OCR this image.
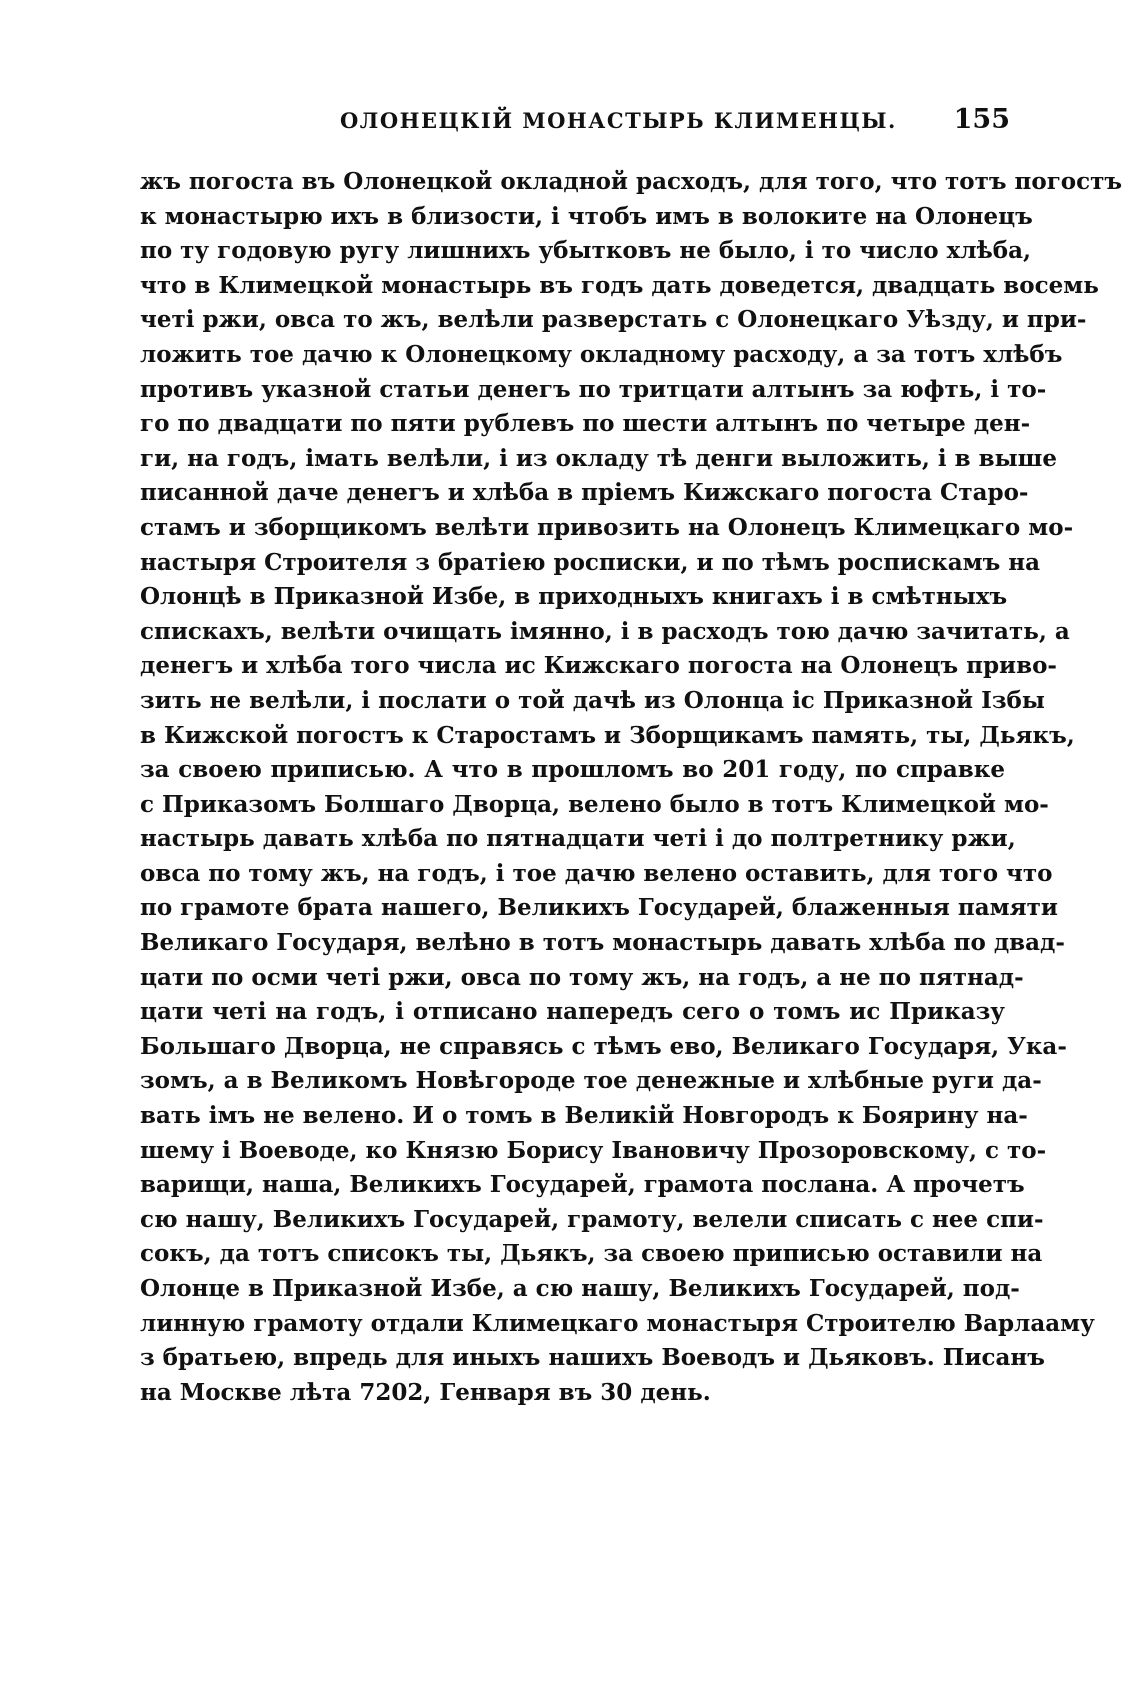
ОЛОНЕЦКІЙ МОНАСТЫРЬ КЛИМЕНЦЫ. 155
жъ погоста въ Олонецкой окладной расходъ, для того, что тотъ погостъ
к монастырю ихъ в близости, і чтобъ имъ в волоките на Олонецъ
по ту годовую ругу лишнихъ убытковъ не было, і то число хлѣба,
что в Климецкой монастырь въ годъ дать доведется, двадцать восемь
четі ржи, овса то жъ, велѣли разверстать с Олонецкаго Уѣзду, и при-
ложить тое дачю к Олонецкому окладному расходу, а за тотъ хлѣбъ
противъ указной статьи денегъ по тритцати алтынъ за юфть, і то-
го по двадцати по пяти рублевъ по шести алтынъ по четыре ден-
ги, на годъ, імать велѣли, і из окладу тѣ денги выложить, і в выше
писанной даче денегъ и хлѣба в пріемъ Кижскаго погоста Старо-
стамъ и зборщикомъ велѣти привозить на Олонецъ Климецкаго мо-
настыря Строителя з братіею росписки, и по тѣмъ роспискамъ на
Олонцѣ в Приказной Избе, в приходныхъ книгахъ і в смѣтныхъ
спискахъ, велѣти очищать імянно, і в расходъ тою дачю зачитать, а
денегъ и хлѣба того числа ис Кижскаго погоста на Олонецъ приво-
зить не велѣли, і послати о той дачѣ из Олонца іс Приказной Ізбы
в Кижской погостъ к Старостамъ и Зборщикамъ память, ты, Дьякъ,
за своею приписью. А что в прошломъ во 201 году, по справке
с Приказомъ Болшаго Дворца, велено было в тотъ Климецкой мо-
настырь давать хлѣба по пятнадцати четі і до полтретнику ржи,
овса по тому жъ, на годъ, і тое дачю велено оставить, для того что
по грамоте брата нашего, Великихъ Государей, блаженныя памяти
Великаго Государя, велѣно в тотъ монастырь давать хлѣба по двад-
цати по осми четі ржи, овса по тому жъ, на годъ, а не по пятнад-
цати четі на годъ, і отписано напередъ сего о томъ ис Приказу
Большаго Дворца, не справясь с тѣмъ ево, Великаго Государя, Ука-
зомъ, а в Великомъ Новѣгороде тое денежные и хлѣбные руги да-
вать імъ не велено. И о томъ в Великій Новгородъ к Боярину на-
шему і Воеводе, ко Князю Борису Івановичу Прозоровскому, с то-
варищи, наша, Великихъ Государей, грамота послана. А прочетъ
сю нашу, Великихъ Государей, грамоту, велели списать с нее спи-
сокъ, да тотъ списокъ ты, Дьякъ, за своею приписью оставили на
Олонце в Приказной Избе, а сю нашу, Великихъ Государей, под-
линную грамоту отдали Климецкаго монастыря Строителю Варлааму
з братьею, впредь для иныхъ нашихъ Воеводъ и Дьяковъ. Писанъ
на Москве лѣта 7202, Генваря въ 30 день.
